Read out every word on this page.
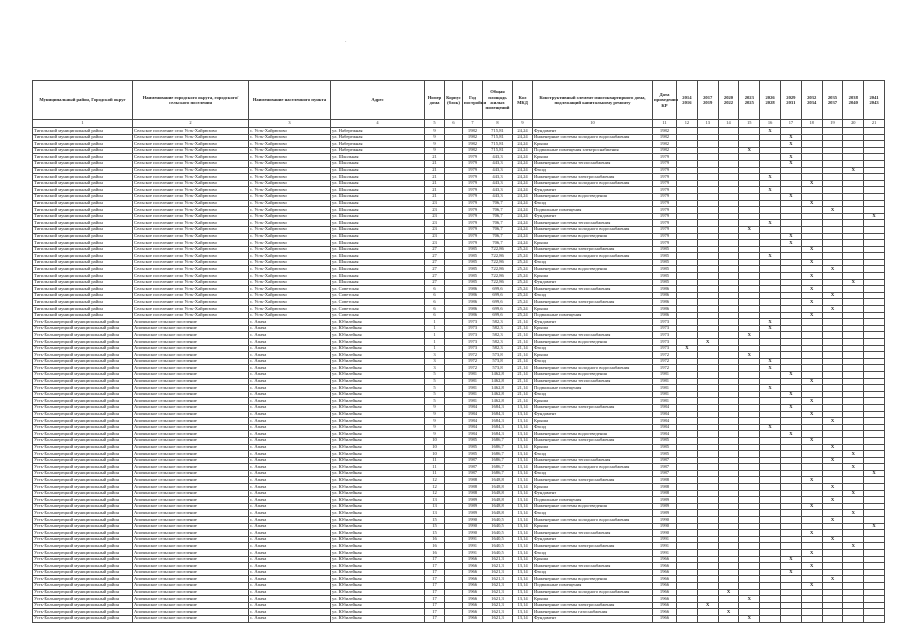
.
Муниципальный район, Городской округ	Наименование городского округа, городского/сельского поселения	Наименование населенного пункта	Адрес	Номер дома	Корпус (блок)	Год постройки	Общая площадь жилых помещений	Кол МКД	Конструктивный элемент многоквартирного дома, подлежащий капитальному ремонту	Дата проведения КР	2014 2016	2017 2019	2020 2022	2023 2025	2026 2028	2029 2031	2032 2034	2035 2037	2038 2040	2041 2043
1	2	3	4	5	6	7	8	9	10	11	12	13	14	15	16	17	18	19	20	21
Тигильский муниципальный район	Сельское поселение село Усть-Хайрюзово	с. Усть-Хайрюзово	ул. Набережная	9		1982	715,81	24,24	Фундамент	1982					X					
Тигильский муниципальный район	Сельское поселение село Усть-Хайрюзово	с. Усть-Хайрюзово	ул. Набережная	9		1982	715,81	24,24	Инженерные системы холодного водоснабжения	1982						X				
Тигильский муниципальный район	Сельское поселение село Усть-Хайрюзово	с. Усть-Хайрюзово	ул. Набережная	9		1982	715,81	24,24	Крыша	1982						X				
Тигильский муниципальный район	Сельское поселение село Усть-Хайрюзово	с. Усть-Хайрюзово	ул. Набережная	9		1982	715,81	24,24	Подвальные помещения электроснабжения	1982				X						
Тигильский муниципальный район	Сельское поселение село Усть-Хайрюзово	с. Усть-Хайрюзово	ул. Школьная	21		1979	443,3	24,24	Крыша	1979						X				
Тигильский муниципальный район	Сельское поселение село Усть-Хайрюзово	с. Усть-Хайрюзово	ул. Школьная	21		1979	443,3	24,24	Инженерные системы теплоснабжения	1979						X				
Тигильский муниципальный район	Сельское поселение село Усть-Хайрюзово	с. Усть-Хайрюзово	ул. Школьная	21		1979	443,3	24,24	Фасад	1979									X	
Тигильский муниципальный район	Сельское поселение село Усть-Хайрюзово	с. Усть-Хайрюзово	ул. Школьная	21		1979	443,3	24,24	Инженерные системы электроснабжения	1979					X					
Тигильский муниципальный район	Сельское поселение село Усть-Хайрюзово	с. Усть-Хайрюзово	ул. Школьная	21		1979	443,3	24,24	Инженерные системы холодного водоснабжения	1979							X			
Тигильский муниципальный район	Сельское поселение село Усть-Хайрюзово	с. Усть-Хайрюзово	ул. Школьная	21		1979	443,3	24,24	Фундамент	1979					X					
Тигильский муниципальный район	Сельское поселение село Усть-Хайрюзово	с. Усть-Хайрюзово	ул. Школьная	21		1979	443,3	24,24	Инженерные системы водоотведения	1979						X				
Тигильский муниципальный район	Сельское поселение село Усть-Хайрюзово	с. Усть-Хайрюзово	ул. Школьная	23		1979	706,7	24,24	Фасад	1979							X			
Тигильский муниципальный район	Сельское поселение село Усть-Хайрюзово	с. Усть-Хайрюзово	ул. Школьная	23		1979	706,7	24,24	Подвальные помещения	1979								X		
Тигильский муниципальный район	Сельское поселение село Усть-Хайрюзово	с. Усть-Хайрюзово	ул. Школьная	23		1979	706,7	24,24	Фундамент	1979										X
Тигильский муниципальный район	Сельское поселение село Усть-Хайрюзово	с. Усть-Хайрюзово	ул. Школьная	23		1979	706,7	24,24	Инженерные системы теплоснабжения	1979					X					
Тигильский муниципальный район	Сельское поселение село Усть-Хайрюзово	с. Усть-Хайрюзово	ул. Школьная	23		1979	706,7	24,24	Инженерные системы холодного водоснабжения	1979				X						
Тигильский муниципальный район	Сельское поселение село Усть-Хайрюзово	с. Усть-Хайрюзово	ул. Школьная	23		1979	706,7	24,24	Инженерные системы водоотведения	1979						X				
Тигильский муниципальный район	Сельское поселение село Усть-Хайрюзово	с. Усть-Хайрюзово	ул. Школьная	23		1979	706,7	24,24	Крыша	1979						X				
Тигильский муниципальный район	Сельское поселение село Усть-Хайрюзово	с. Усть-Хайрюзово	ул. Школьная	27		1985	722,86	25,24	Инженерные системы электроснабжения	1985							X			
Тигильский муниципальный район	Сельское поселение село Усть-Хайрюзово	с. Усть-Хайрюзово	ул. Школьная	27		1985	722,86	25,24	Инженерные системы холодного водоснабжения	1985					X					
Тигильский муниципальный район	Сельское поселение село Усть-Хайрюзово	с. Усть-Хайрюзово	ул. Школьная	27		1985	722,86	25,24	Фасад	1985							X			
Тигильский муниципальный район	Сельское поселение село Усть-Хайрюзово	с. Усть-Хайрюзово	ул. Школьная	27		1985	722,86	25,24	Инженерные системы водоотведения	1985								X		
Тигильский муниципальный район	Сельское поселение село Усть-Хайрюзово	с. Усть-Хайрюзово	ул. Школьная	27		1985	722,86	25,24	Крыша	1985							X			
Тигильский муниципальный район	Сельское поселение село Усть-Хайрюзово	с. Усть-Хайрюзово	ул. Школьная	27		1985	722,86	25,24	Фундамент	1985									X	
Тигильский муниципальный район	Сельское поселение село Усть-Хайрюзово	с. Усть-Хайрюзово	ул. Советская	6		1986	699,6	25,24	Инженерные системы теплоснабжения	1986							X			
Тигильский муниципальный район	Сельское поселение село Усть-Хайрюзово	с. Усть-Хайрюзово	ул. Советская	6		1986	699,6	25,24	Фасад	1986								X		
Тигильский муниципальный район	Сельское поселение село Усть-Хайрюзово	с. Усть-Хайрюзово	ул. Советская	6		1986	699,6	25,24	Инженерные системы электроснабжения	1986							X			
Тигильский муниципальный район	Сельское поселение село Усть-Хайрюзово	с. Усть-Хайрюзово	ул. Советская	6		1986	699,6	25,24	Крыша	1986								X		
Тигильский муниципальный район	Сельское поселение село Усть-Хайрюзово	с. Усть-Хайрюзово	ул. Советская	6		1986	699,6	25,24	Подвальные помещения	1986							X			
Усть-Большерецкий муниципальный район	Апачинское сельское поселение	с. Апача	ул. Юбилейная	1		1973	582,3	21,14	Фундамент	1973					X					
Усть-Большерецкий муниципальный район	Апачинское сельское поселение	с. Апача	ул. Юбилейная	1		1973	582,3	21,14	Крыша	1973					X					
Усть-Большерецкий муниципальный район	Апачинское сельское поселение	с. Апача	ул. Юбилейная	1		1973	582,3	21,14	Инженерные системы теплоснабжения	1973				X						
Усть-Большерецкий муниципальный район	Апачинское сельское поселение	с. Апача	ул. Юбилейная	1		1973	582,3	21,14	Инженерные системы водоотведения	1973		X								
Усть-Большерецкий муниципальный район	Апачинское сельское поселение	с. Апача	ул. Юбилейная	1		1973	582,3	21,14	Фасад	1973	X									
Усть-Большерецкий муниципальный район	Апачинское сельское поселение	с. Апача	ул. Юбилейная	3		1972	573,8	21,14	Крыша	1972				X						
Усть-Большерецкий муниципальный район	Апачинское сельское поселение	с. Апача	ул. Юбилейная	3		1972	573,8	21,14	Фасад	1972					X					
Усть-Большерецкий муниципальный район	Апачинское сельское поселение	с. Апача	ул. Юбилейная	3		1972	573,8	21,14	Инженерные системы холодного водоснабжения	1972					X					
Усть-Большерецкий муниципальный район	Апачинское сельское поселение	с. Апача	ул. Юбилейная	5		1981	1462,8	21,14	Инженерные системы водоотведения	1981						X				
Усть-Большерецкий муниципальный район	Апачинское сельское поселение	с. Апача	ул. Юбилейная	5		1981	1462,8	21,14	Инженерные системы теплоснабжения	1981							X			
Усть-Большерецкий муниципальный район	Апачинское сельское поселение	с. Апача	ул. Юбилейная	5		1981	1462,8	21,14	Подвальные помещения	1981					X					
Усть-Большерецкий муниципальный район	Апачинское сельское поселение	с. Апача	ул. Юбилейная	5		1981	1462,8	21,14	Фасад	1981						X				
Усть-Большерецкий муниципальный район	Апачинское сельское поселение	с. Апача	ул. Юбилейная	5		1981	1462,8	21,14	Крыша	1981							X			
Усть-Большерецкий муниципальный район	Апачинское сельское поселение	с. Апача	ул. Юбилейная	9		1984	1684,3	13,14	Инженерные системы электроснабжения	1984						X				
Усть-Большерецкий муниципальный район	Апачинское сельское поселение	с. Апача	ул. Юбилейная	9		1984	1684,3	13,14	Фундамент	1984							X			
Усть-Большерецкий муниципальный район	Апачинское сельское поселение	с. Апача	ул. Юбилейная	9		1984	1684,3	13,14	Крыша	1984								X		
Усть-Большерецкий муниципальный район	Апачинское сельское поселение	с. Апача	ул. Юбилейная	9		1984	1684,3	13,14	Фасад	1984					X					
Усть-Большерецкий муниципальный район	Апачинское сельское поселение	с. Апача	ул. Юбилейная	9		1984	1684,3	13,14	Инженерные системы водоотведения	1984						X				
Усть-Большерецкий муниципальный район	Апачинское сельское поселение	с. Апача	ул. Юбилейная	10		1985	1686,7	13,14	Инженерные системы электроснабжения	1985							X			
Усть-Большерецкий муниципальный район	Апачинское сельское поселение	с. Апача	ул. Юбилейная	10		1985	1686,7	13,14	Крыша	1985								X		
Усть-Большерецкий муниципальный район	Апачинское сельское поселение	с. Апача	ул. Юбилейная	10		1985	1686,7	13,14	Фасад	1985									X	
Усть-Большерецкий муниципальный район	Апачинское сельское поселение	с. Апача	ул. Юбилейная	11		1987	1686,7	13,14	Инженерные системы теплоснабжения	1987								X		
Усть-Большерецкий муниципальный район	Апачинское сельское поселение	с. Апача	ул. Юбилейная	11		1987	1686,7	13,14	Инженерные системы холодного водоснабжения	1987									X	
Усть-Большерецкий муниципальный район	Апачинское сельское поселение	с. Апача	ул. Юбилейная	11		1987	1686,7	13,14	Фасад	1987										X
Усть-Большерецкий муниципальный район	Апачинское сельское поселение	с. Апача	ул. Юбилейная	12		1988	1648,8	13,14	Инженерные системы электроснабжения	1988							X			
Усть-Большерецкий муниципальный район	Апачинское сельское поселение	с. Апача	ул. Юбилейная	12		1988	1648,8	13,14	Крыша	1988								X		
Усть-Большерецкий муниципальный район	Апачинское сельское поселение	с. Апача	ул. Юбилейная	12		1988	1648,8	13,14	Фундамент	1988									X	
Усть-Большерецкий муниципальный район	Апачинское сельское поселение	с. Апача	ул. Юбилейная	13		1989	1648,8	13,14	Подвальные помещения	1989								X		
Усть-Большерецкий муниципальный район	Апачинское сельское поселение	с. Апача	ул. Юбилейная	13		1989	1648,8	13,14	Инженерные системы водоотведения	1989							X			
Усть-Большерецкий муниципальный район	Апачинское сельское поселение	с. Апача	ул. Юбилейная	13		1989	1648,8	13,14	Фасад	1989									X	
Усть-Большерецкий муниципальный район	Апачинское сельское поселение	с. Апача	ул. Юбилейная	15		1990	1640,5	13,14	Инженерные системы холодного водоснабжения	1990								X		
Усть-Большерецкий муниципальный район	Апачинское сельское поселение	с. Апача	ул. Юбилейная	15		1990	1640,5	13,14	Крыша	1990										X
Усть-Большерецкий муниципальный район	Апачинское сельское поселение	с. Апача	ул. Юбилейная	15		1990	1640,5	13,14	Инженерные системы теплоснабжения	1990							X			
Усть-Большерецкий муниципальный район	Апачинское сельское поселение	с. Апача	ул. Юбилейная	16		1991	1640,5	13,14	Фундамент	1991								X		
Усть-Большерецкий муниципальный район	Апачинское сельское поселение	с. Апача	ул. Юбилейная	16		1991	1640,5	13,14	Инженерные системы электроснабжения	1991									X	
Усть-Большерецкий муниципальный район	Апачинское сельское поселение	с. Апача	ул. Юбилейная	16		1991	1640,5	13,14	Фасад	1991							X			
Усть-Большерецкий муниципальный район	Апачинское сельское поселение	с. Апача	ул. Юбилейная	17		1966	1621,3	13,14	Крыша	1966						X				
Усть-Большерецкий муниципальный район	Апачинское сельское поселение	с. Апача	ул. Юбилейная	17		1966	1621,3	13,14	Инженерные системы теплоснабжения	1966							X			
Усть-Большерецкий муниципальный район	Апачинское сельское поселение	с. Апача	ул. Юбилейная	17		1966	1621,3	13,14	Фасад	1966						X				
Усть-Большерецкий муниципальный район	Апачинское сельское поселение	с. Апача	ул. Юбилейная	17		1966	1621,3	13,14	Инженерные системы водоотведения	1966								X		
Усть-Большерецкий муниципальный район	Апачинское сельское поселение	с. Апача	ул. Юбилейная	17		1966	1621,3	13,14	Подвальные помещения	1966							X			
Усть-Большерецкий муниципальный район	Апачинское сельское поселение	с. Апача	ул. Юбилейная	17		1966	1621,3	13,14	Инженерные системы холодного водоснабжения	1966			X							
Усть-Большерецкий муниципальный район	Апачинское сельское поселение	с. Апача	ул. Юбилейная	17		1966	1621,3	13,14	Крыша	1966				X						
Усть-Большерецкий муниципальный район	Апачинское сельское поселение	с. Апача	ул. Юбилейная	17		1966	1621,3	13,14	Инженерные системы электроснабжения	1966		X								
Усть-Большерецкий муниципальный район	Апачинское сельское поселение	с. Апача	ул. Юбилейная	17		1966	1621,3	13,14	Инженерные системы газоснабжения	1966			X							
Усть-Большерецкий муниципальный район	Апачинское сельское поселение	с. Апача	ул. Юбилейная	17		1966	1621,3	13,14	Фундамент	1966				X						
